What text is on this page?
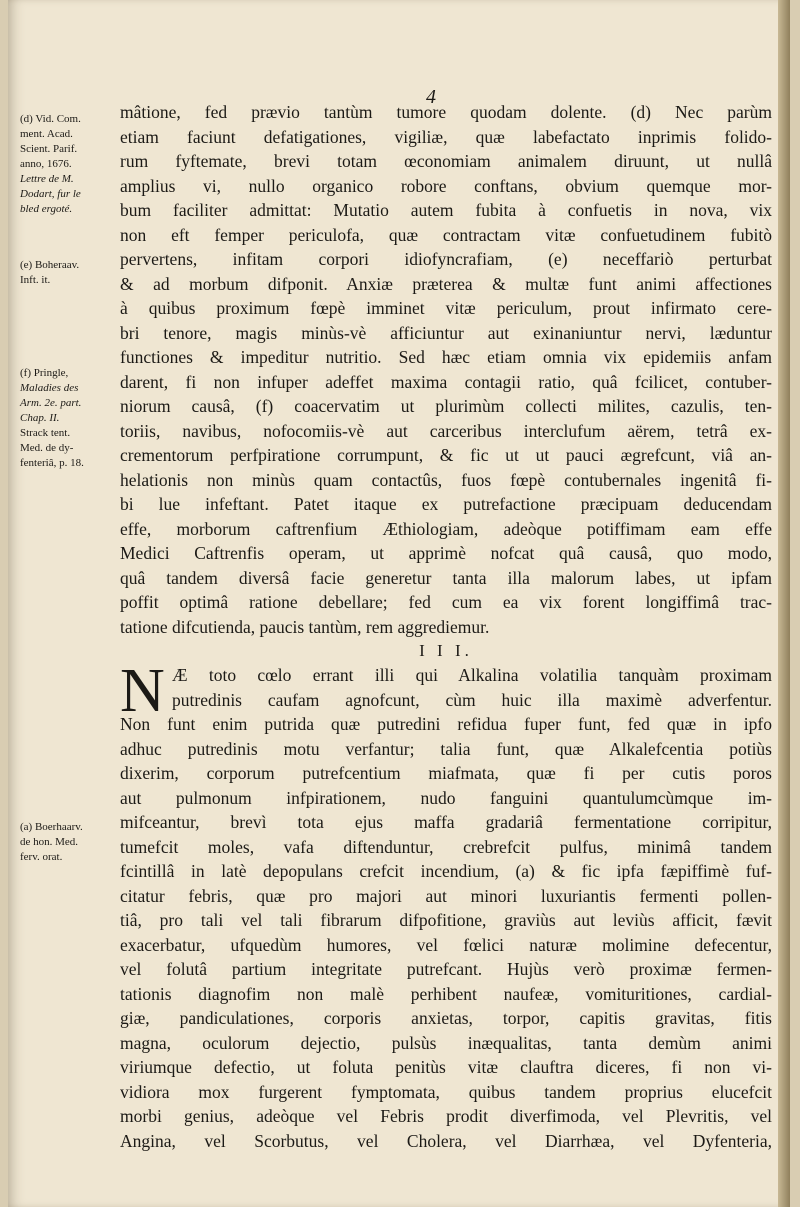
4
(d) Vid. Com.
ment. Acad.
Scient. Parif.
anno, 1676.
Lettre de M.
Dodart, fur le
bled ergoté.
(e) Boheraav.
Inft. it.
(f) Pringle,
Maladies des
Arm. 2e. part.
Chap. II.
Strack tent.
Med. de dy-
fenteriâ, p. 18.
(a) Boerhaarv.
de hon. Med.
ferv. orat.
mâtione, fed prævio tantùm tumore quodam dolente. (d) Nec parùm
etiam faciunt defatigationes, vigiliæ, quæ labefactato inprimis folido-
rum fyftemate, brevi totam œconomiam animalem diruunt, ut nullâ
amplius vi, nullo organico robore conftans, obvium quemque mor-
bum faciliter admittat: Mutatio autem fubita à confuetis in nova, vix
non eft femper periculofa, quæ contractam vitæ confuetudinem fubitò
pervertens, infitam corpori idiofyncrafiam, (e) neceffariò perturbat
& ad morbum difponit. Anxiæ præterea & multæ funt animi affectiones
à quibus proximum fœpè imminet vitæ periculum, prout infirmato cere-
bri tenore, magis minùs-vè afficiuntur aut exinaniuntur nervi, læduntur
functiones & impeditur nutritio. Sed hæc etiam omnia vix epidemiis anfam
darent, fi non infuper adeffet maxima contagii ratio, quâ fcilicet, contuber-
niorum causâ, (f) coacervatim ut plurimùm collecti milites, cazulis, ten-
toriis, navibus, nofocomiis-vè aut carceribus interclufum aërem, tetrâ ex-
crementorum perfpiratione corrumpunt, & fic ut ut pauci ægrefcunt, viâ an-
helationis non minùs quam contactûs, fuos fœpè contubernales ingenitâ fi-
bi lue infeftant. Patet itaque ex putrefactione præcipuam deducendam
effe, morborum caftrenfium Æthiologiam, adeòque potiffimam eam effe
Medici Caftrenfis operam, ut apprimè nofcat quâ causâ, quo modo,
quâ tandem diversâ facie generetur tanta illa malorum labes, ut ipfam
poffit optimâ ratione debellare; fed cum ea vix forent longiffimâ trac-
tatione difcutienda, paucis tantùm, rem aggrediemur.
I I I.
N Æ toto cœlo errant illi qui Alkalina volatilia tanquàm proximam
putredinis caufam agnofcunt, cùm huic illa maximè adverfentur.
Non funt enim putrida quæ putredini refidua fuper funt, fed quæ in ipfo
adhuc putredinis motu verfantur; talia funt, quæ Alkalefcentia potiùs
dixerim, corporum putrefcentium miafmata, quæ fi per cutis poros
aut pulmonum infpirationem, nudo fanguini quantulumcùmque im-
mifceantur, brevì tota ejus maffa gradariâ fermentatione corripitur,
tumefcit moles, vafa diftenduntur, crebrefcit pulfus, minimâ tandem
fcintillâ in latè depopulans crefcit incendium, (a) & fic ipfa fæpiffimè fuf-
citatur febris, quæ pro majori aut minori luxuriantis fermenti pollen-
tiâ, pro tali vel tali fibrarum difpofitione, graviùs aut leviùs afficit, fævit
exacerbatur, ufquedùm humores, vel fœlici naturæ molimine defecentur,
vel folutâ partium integritate putrefcant. Hujùs verò proximæ fermen-
tationis diagnofim non malè perhibent naufeæ, vomituritiones, cardial-
giæ, pandiculationes, corporis anxietas, torpor, capitis gravitas, fitis
magna, oculorum dejectio, pulsùs inæqualitas, tanta demùm animi
viriumque defectio, ut foluta penitùs vitæ clauftra diceres, fi non vi-
vidiora mox furgerent fymptomata, quibus tandem proprius elucefcit
morbi genius, adeòque vel Febris prodit diverfimoda, vel Plevritis, vel
Angina, vel Scorbutus, vel Cholera, vel Diarrhæa, vel Dyfenteria,
